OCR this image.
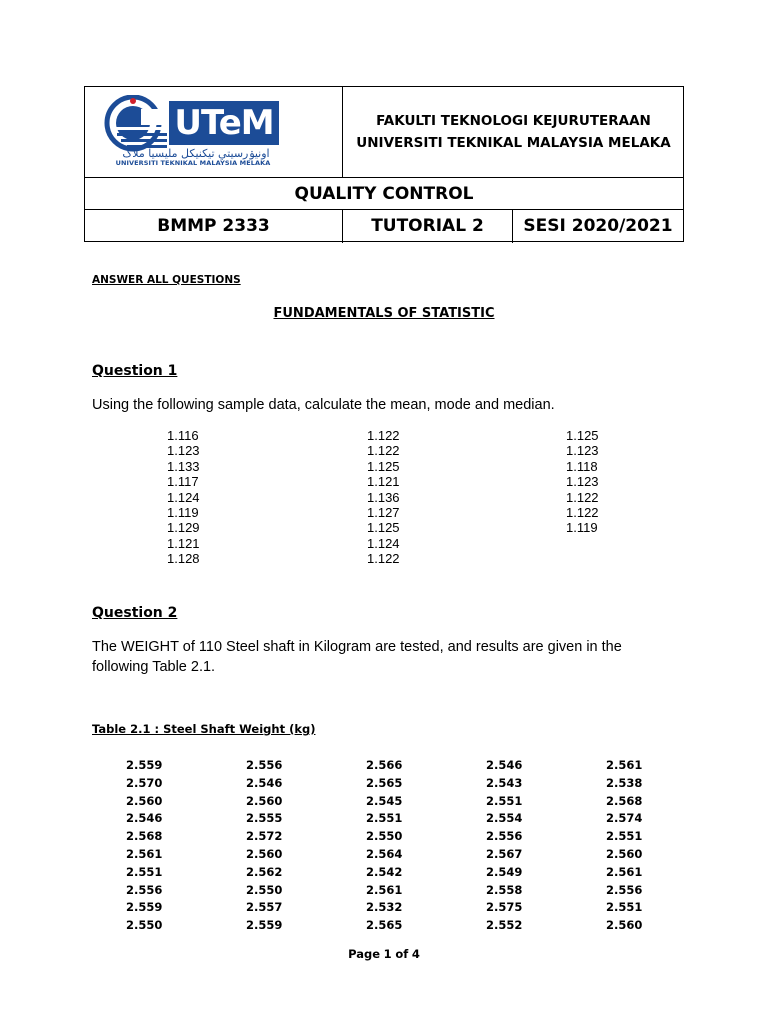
UTeM
اونيۏرسيتي تيکنيکل مليسيا ملاک
UNIVERSITI TEKNIKAL MALAYSIA MELAKA
FAKULTI TEKNOLOGI KEJURUTERAAN
UNIVERSITI TEKNIKAL MALAYSIA MELAKA
QUALITY CONTROL
BMMP 2333	TUTORIAL 2	SESI 2020/2021
ANSWER ALL QUESTIONS
FUNDAMENTALS OF STATISTIC
Question 1
Using the following sample data, calculate the mean, mode and median.
1.116
1.123
1.133
1.117
1.124
1.119
1.129
1.121
1.128
1.122
1.122
1.125
1.121
1.136
1.127
1.125
1.124
1.122
1.125
1.123
1.118
1.123
1.122
1.122
1.119
Question 2
The WEIGHT of 110 Steel shaft in Kilogram are tested, and results are given in the
following Table 2.1.
Table 2.1 : Steel Shaft Weight (kg)
2.559
2.570
2.560
2.546
2.568
2.561
2.551
2.556
2.559
2.550
2.556
2.546
2.560
2.555
2.572
2.560
2.562
2.550
2.557
2.559
2.566
2.565
2.545
2.551
2.550
2.564
2.542
2.561
2.532
2.565
2.546
2.543
2.551
2.554
2.556
2.567
2.549
2.558
2.575
2.552
2.561
2.538
2.568
2.574
2.551
2.560
2.561
2.556
2.551
2.560
Page 1 of 4
